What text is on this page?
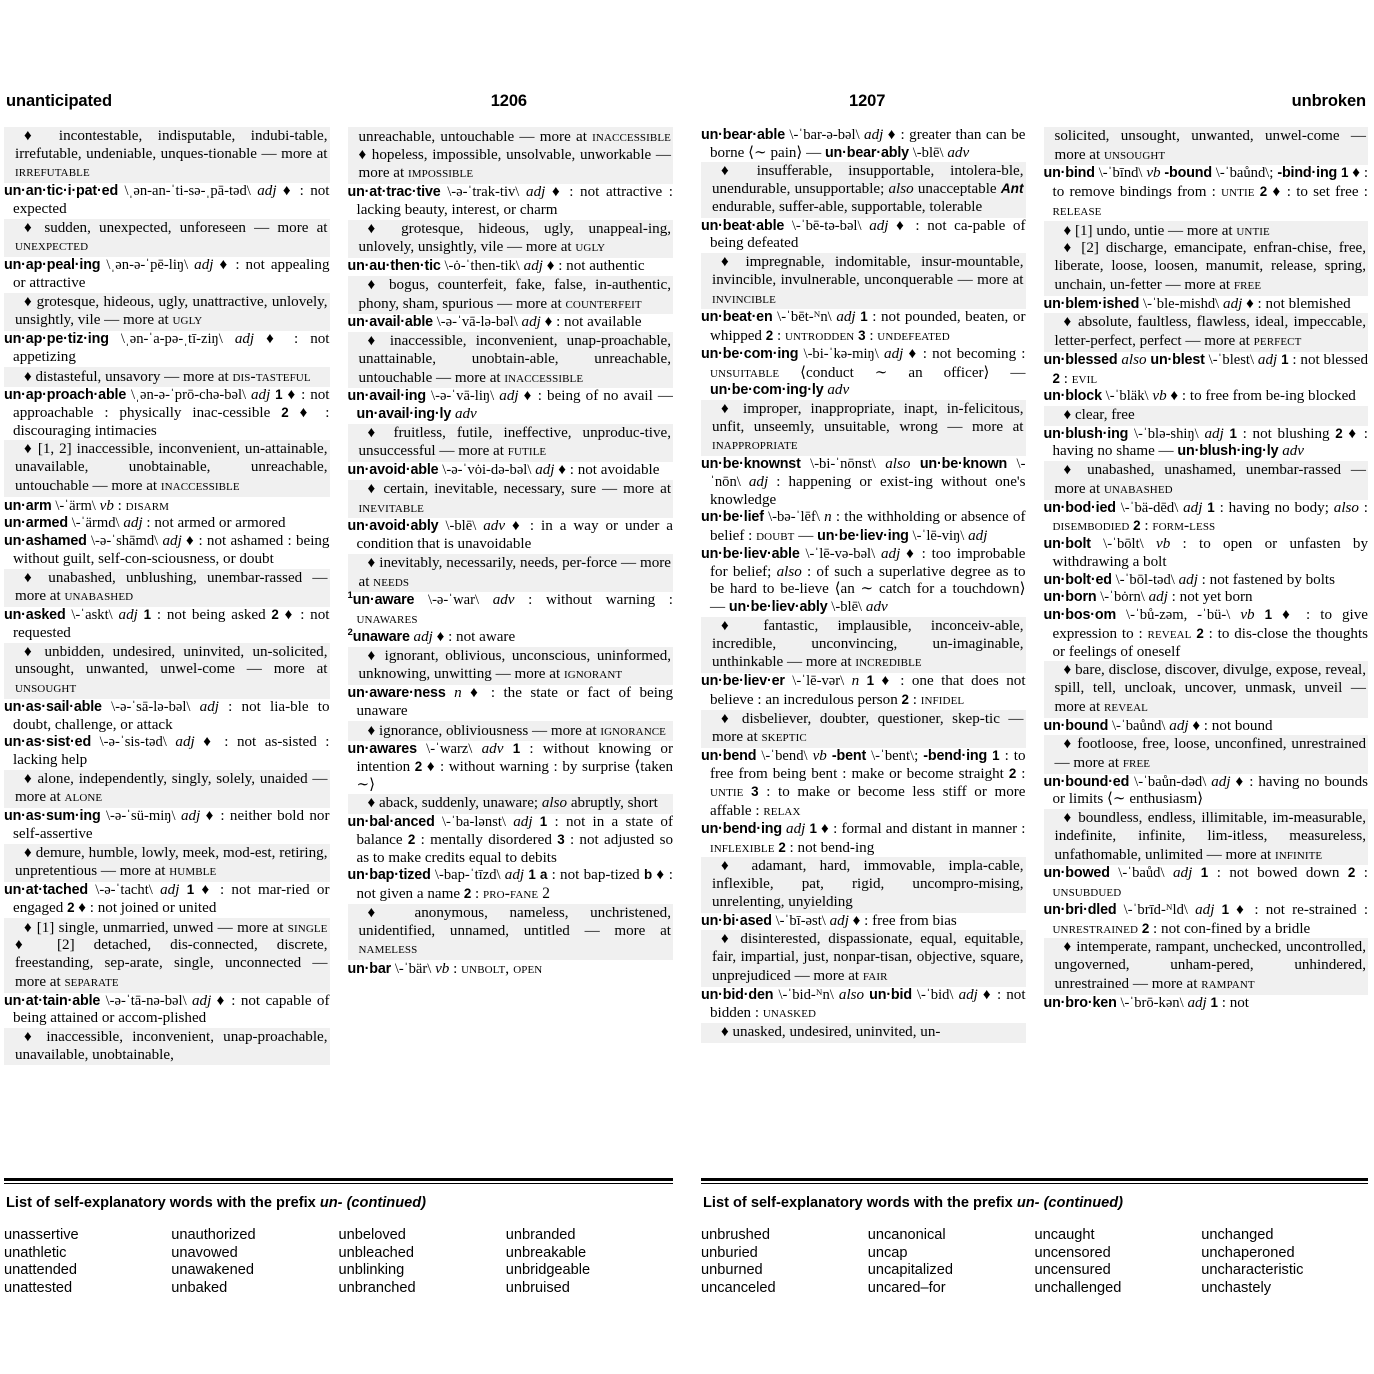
unanticipated	1206
♦ incontestable, indisputable, indubi-table, irrefutable, undeniable, unques-tionable — more at irrefutable
un·an·tic·i·pat·ed \ˌən-an-ˈti-sə-ˌpā-təd\ adj ♦ : not expected
♦ sudden, unexpected, unforeseen — more at unexpected
un·ap·peal·ing \ˌən-ə-ˈpē-liŋ\ adj ♦ : not appealing or attractive
♦ grotesque, hideous, ugly, unattractive, unlovely, unsightly, vile — more at ugly
un·ap·pe·tiz·ing \ˌən-ˈa-pə-ˌtī-ziŋ\ adj ♦ : not appetizing
♦ distasteful, unsavory — more at dis-tasteful
un·ap·proach·able \ˌən-ə-ˈprō-chə-bəl\ adj 1 ♦ : not approachable : physically inac-cessible 2 ♦ : discouraging intimacies
♦ [1, 2] inaccessible, inconvenient, un-attainable, unavailable, unobtainable, unreachable, untouchable — more at inaccessible
un·arm \-ˈärm\ vb : disarm
un·armed \-ˈärmd\ adj : not armed or armored
un·ashamed \-ə-ˈshāmd\ adj ♦ : not ashamed : being without guilt, self-con-sciousness, or doubt
♦ unabashed, unblushing, unembar-rassed — more at unabashed
un·asked \-ˈaskt\ adj 1 : not being asked 2 ♦ : not requested
♦ unbidden, undesired, uninvited, un-solicited, unsought, unwanted, unwel-come — more at unsought
un·as·sail·able \-ə-ˈsā-lə-bəl\ adj : not lia-ble to doubt, challenge, or attack
un·as·sist·ed \-ə-ˈsis-təd\ adj ♦ : not as-sisted : lacking help
♦ alone, independently, singly, solely, unaided — more at alone
un·as·sum·ing \-ə-ˈsü-miŋ\ adj ♦ : neither bold nor self-assertive
♦ demure, humble, lowly, meek, mod-est, retiring, unpretentious — more at humble
un·at·tached \-ə-ˈtacht\ adj 1 ♦ : not mar-ried or engaged 2 ♦ : not joined or united
♦ [1] single, unmarried, unwed — more at single ♦ [2] detached, dis-connected, discrete, freestanding, sep-arate, single, unconnected — more at separate
un·at·tain·able \-ə-ˈtā-nə-bəl\ adj ♦ : not capable of being attained or accom-plished
♦ inaccessible, inconvenient, unap-proachable, unavailable, unobtainable,
unreachable, untouchable — more at inaccessible ♦ hopeless, impossible, unsolvable, unworkable — more at impossible
un·at·trac·tive \-ə-ˈtrak-tiv\ adj ♦ : not attractive : lacking beauty, interest, or charm
♦ grotesque, hideous, ugly, unappeal-ing, unlovely, unsightly, vile — more at ugly
un·au·then·tic \-ȯ-ˈthen-tik\ adj ♦ : not authentic
♦ bogus, counterfeit, fake, false, in-authentic, phony, sham, spurious — more at counterfeit
un·avail·able \-ə-ˈvā-lə-bəl\ adj ♦ : not available
♦ inaccessible, inconvenient, unap-proachable, unattainable, unobtain-able, unreachable, untouchable — more at inaccessible
un·avail·ing \-ə-ˈvā-liŋ\ adj ♦ : being of no avail — un·avail·ing·ly adv
♦ fruitless, futile, ineffective, unproduc-tive, unsuccessful — more at futile
un·avoid·able \-ə-ˈvȯi-də-bəl\ adj ♦ : not avoidable
♦ certain, inevitable, necessary, sure — more at inevitable
un·avoid·ably \-blē\ adv ♦ : in a way or under a condition that is unavoidable
♦ inevitably, necessarily, needs, per-force — more at needs
$^1$un·aware \-ə-ˈwar\ adv : without warning : unawares
$^2$unaware adj ♦ : not aware
♦ ignorant, oblivious, unconscious, uninformed, unknowing, unwitting — more at ignorant
un·aware·ness n ♦ : the state or fact of being unaware
♦ ignorance, obliviousness — more at ignorance
un·awares \-ˈwarz\ adv 1 : without knowing or intention 2 ♦ : without warning : by surprise ⟨taken ∼⟩
♦ aback, suddenly, unaware; also abruptly, short
un·bal·anced \-ˈba-lənst\ adj 1 : not in a state of balance 2 : mentally disordered 3 : not adjusted so as to make credits equal to debits
un·bap·tized \-bap-ˈtīzd\ adj 1 a : not bap-tized b ♦ : not given a name 2 : pro-fane 2
♦ anonymous, nameless, unchristened, unidentified, unnamed, untitled — more at nameless
un·bar \-ˈbär\ vb : unbolt, open
List of self-explanatory words with the prefix un- (continued)
unassertive
unathletic
unattended
unattested
unauthorized
unavowed
unawakened
unbaked
unbeloved
unbleached
unblinking
unbranched
unbranded
unbreakable
unbridgeable
unbruised
1207	unbroken
un·bear·able \-ˈbar-ə-bəl\ adj ♦ : greater than can be borne ⟨∼ pain⟩ — un·bear·ably \-blē\ adv
♦ insufferable, insupportable, intolera-ble, unendurable, unsupportable; also unacceptable Ant endurable, suffer-able, supportable, tolerable
un·beat·able \-ˈbē-tə-bəl\ adj ♦ : not ca-pable of being defeated
♦ impregnable, indomitable, insur-mountable, invincible, invulnerable, unconquerable — more at invincible
un·beat·en \-ˈbēt-ᴺn\ adj 1 : not pounded, beaten, or whipped 2 : untrodden 3 : undefeated
un·be·com·ing \-bi-ˈkə-miŋ\ adj ♦ : not becoming : unsuitable ⟨conduct ∼ an officer⟩ — un·be·com·ing·ly adv
♦ improper, inappropriate, inapt, in-felicitous, unfit, unseemly, unsuitable, wrong — more at inappropriate
un·be·knownst \-bi-ˈnōnst\ also un·be·known \-ˈnōn\ adj : happening or exist-ing without one's knowledge
un·be·lief \-bə-ˈlēf\ n : the withholding or absence of belief : doubt — un·be·liev·ing \-ˈlē-viŋ\ adj
un·be·liev·able \-ˈlē-və-bəl\ adj ♦ : too improbable for belief; also : of such a superlative degree as to be hard to be-lieve ⟨an ∼ catch for a touchdown⟩ — un·be·liev·ably \-blē\ adv
♦ fantastic, implausible, inconceiv-able, incredible, unconvincing, un-imaginable, unthinkable — more at incredible
un·be·liev·er \-ˈlē-vər\ n 1 ♦ : one that does not believe : an incredulous person 2 : infidel
♦ disbeliever, doubter, questioner, skep-tic — more at skeptic
un·bend \-ˈbend\ vb -bent \-ˈbent\; -bend·ing 1 : to free from being bent : make or become straight 2 : untie 3 : to make or become less stiff or more affable : relax
un·bend·ing adj 1 ♦ : formal and distant in manner : inflexible 2 : not bend-ing
♦ adamant, hard, immovable, impla-cable, inflexible, pat, rigid, uncompro-mising, unrelenting, unyielding
un·bi·ased \-ˈbī-əst\ adj ♦ : free from bias
♦ disinterested, dispassionate, equal, equitable, fair, impartial, just, nonpar-tisan, objective, square, unprejudiced — more at fair
un·bid·den \-ˈbid-ᴺn\ also un·bid \-ˈbid\ adj ♦ : not bidden : unasked
♦ unasked, undesired, uninvited, un-
solicited, unsought, unwanted, unwel-come — more at unsought
un·bind \-ˈbīnd\ vb -bound \-ˈbaůnd\; -bind·ing 1 ♦ : to remove bindings from : untie 2 ♦ : to set free : release
♦ [1] undo, untie — more at untie
♦ [2] discharge, emancipate, enfran-chise, free, liberate, loose, loosen, manumit, release, spring, unchain, un-fetter — more at free
un·blem·ished \-ˈble-mishd\ adj ♦ : not blemished
♦ absolute, faultless, flawless, ideal, impeccable, letter-perfect, perfect — more at perfect
un·blessed also un·blest \-ˈblest\ adj 1 : not blessed 2 : evil
un·block \-ˈbläk\ vb ♦ : to free from be-ing blocked
♦ clear, free
un·blush·ing \-ˈblə-shiŋ\ adj 1 : not blushing 2 ♦ : having no shame — un·blush·ing·ly adv
♦ unabashed, unashamed, unembar-rassed — more at unabashed
un·bod·ied \-ˈbä-dēd\ adj 1 : having no body; also : disembodied 2 : form-less
un·bolt \-ˈbōlt\ vb : to open or unfasten by withdrawing a bolt
un·bolt·ed \-ˈbōl-təd\ adj : not fastened by bolts
un·born \-ˈbȯrn\ adj : not yet born
un·bos·om \-ˈbů-zəm, -ˈbü-\ vb 1 ♦ : to give expression to : reveal 2 : to dis-close the thoughts or feelings of oneself
♦ bare, disclose, discover, divulge, expose, reveal, spill, tell, uncloak, uncover, unmask, unveil — more at reveal
un·bound \-ˈbaůnd\ adj ♦ : not bound
♦ footloose, free, loose, unconfined, unrestrained — more at free
un·bound·ed \-ˈbaůn-dəd\ adj ♦ : having no bounds or limits ⟨∼ enthusiasm⟩
♦ boundless, endless, illimitable, im-measurable, indefinite, infinite, lim-itless, measureless, unfathomable, unlimited — more at infinite
un·bowed \-ˈbaůd\ adj 1 : not bowed down 2 : unsubdued
un·bri·dled \-ˈbrīd-ᴺld\ adj 1 ♦ : not re-strained : unrestrained 2 : not con-fined by a bridle
♦ intemperate, rampant, unchecked, uncontrolled, ungoverned, unham-pered, unhindered, unrestrained — more at rampant
un·bro·ken \-ˈbrō-kən\ adj 1 : not
List of self-explanatory words with the prefix un- (continued)
unbrushed
unburied
unburned
uncanceled
uncanonical
uncap
uncapitalized
uncared–for
uncaught
uncensored
uncensured
unchallenged
unchanged
unchaperoned
uncharacteristic
unchastely
